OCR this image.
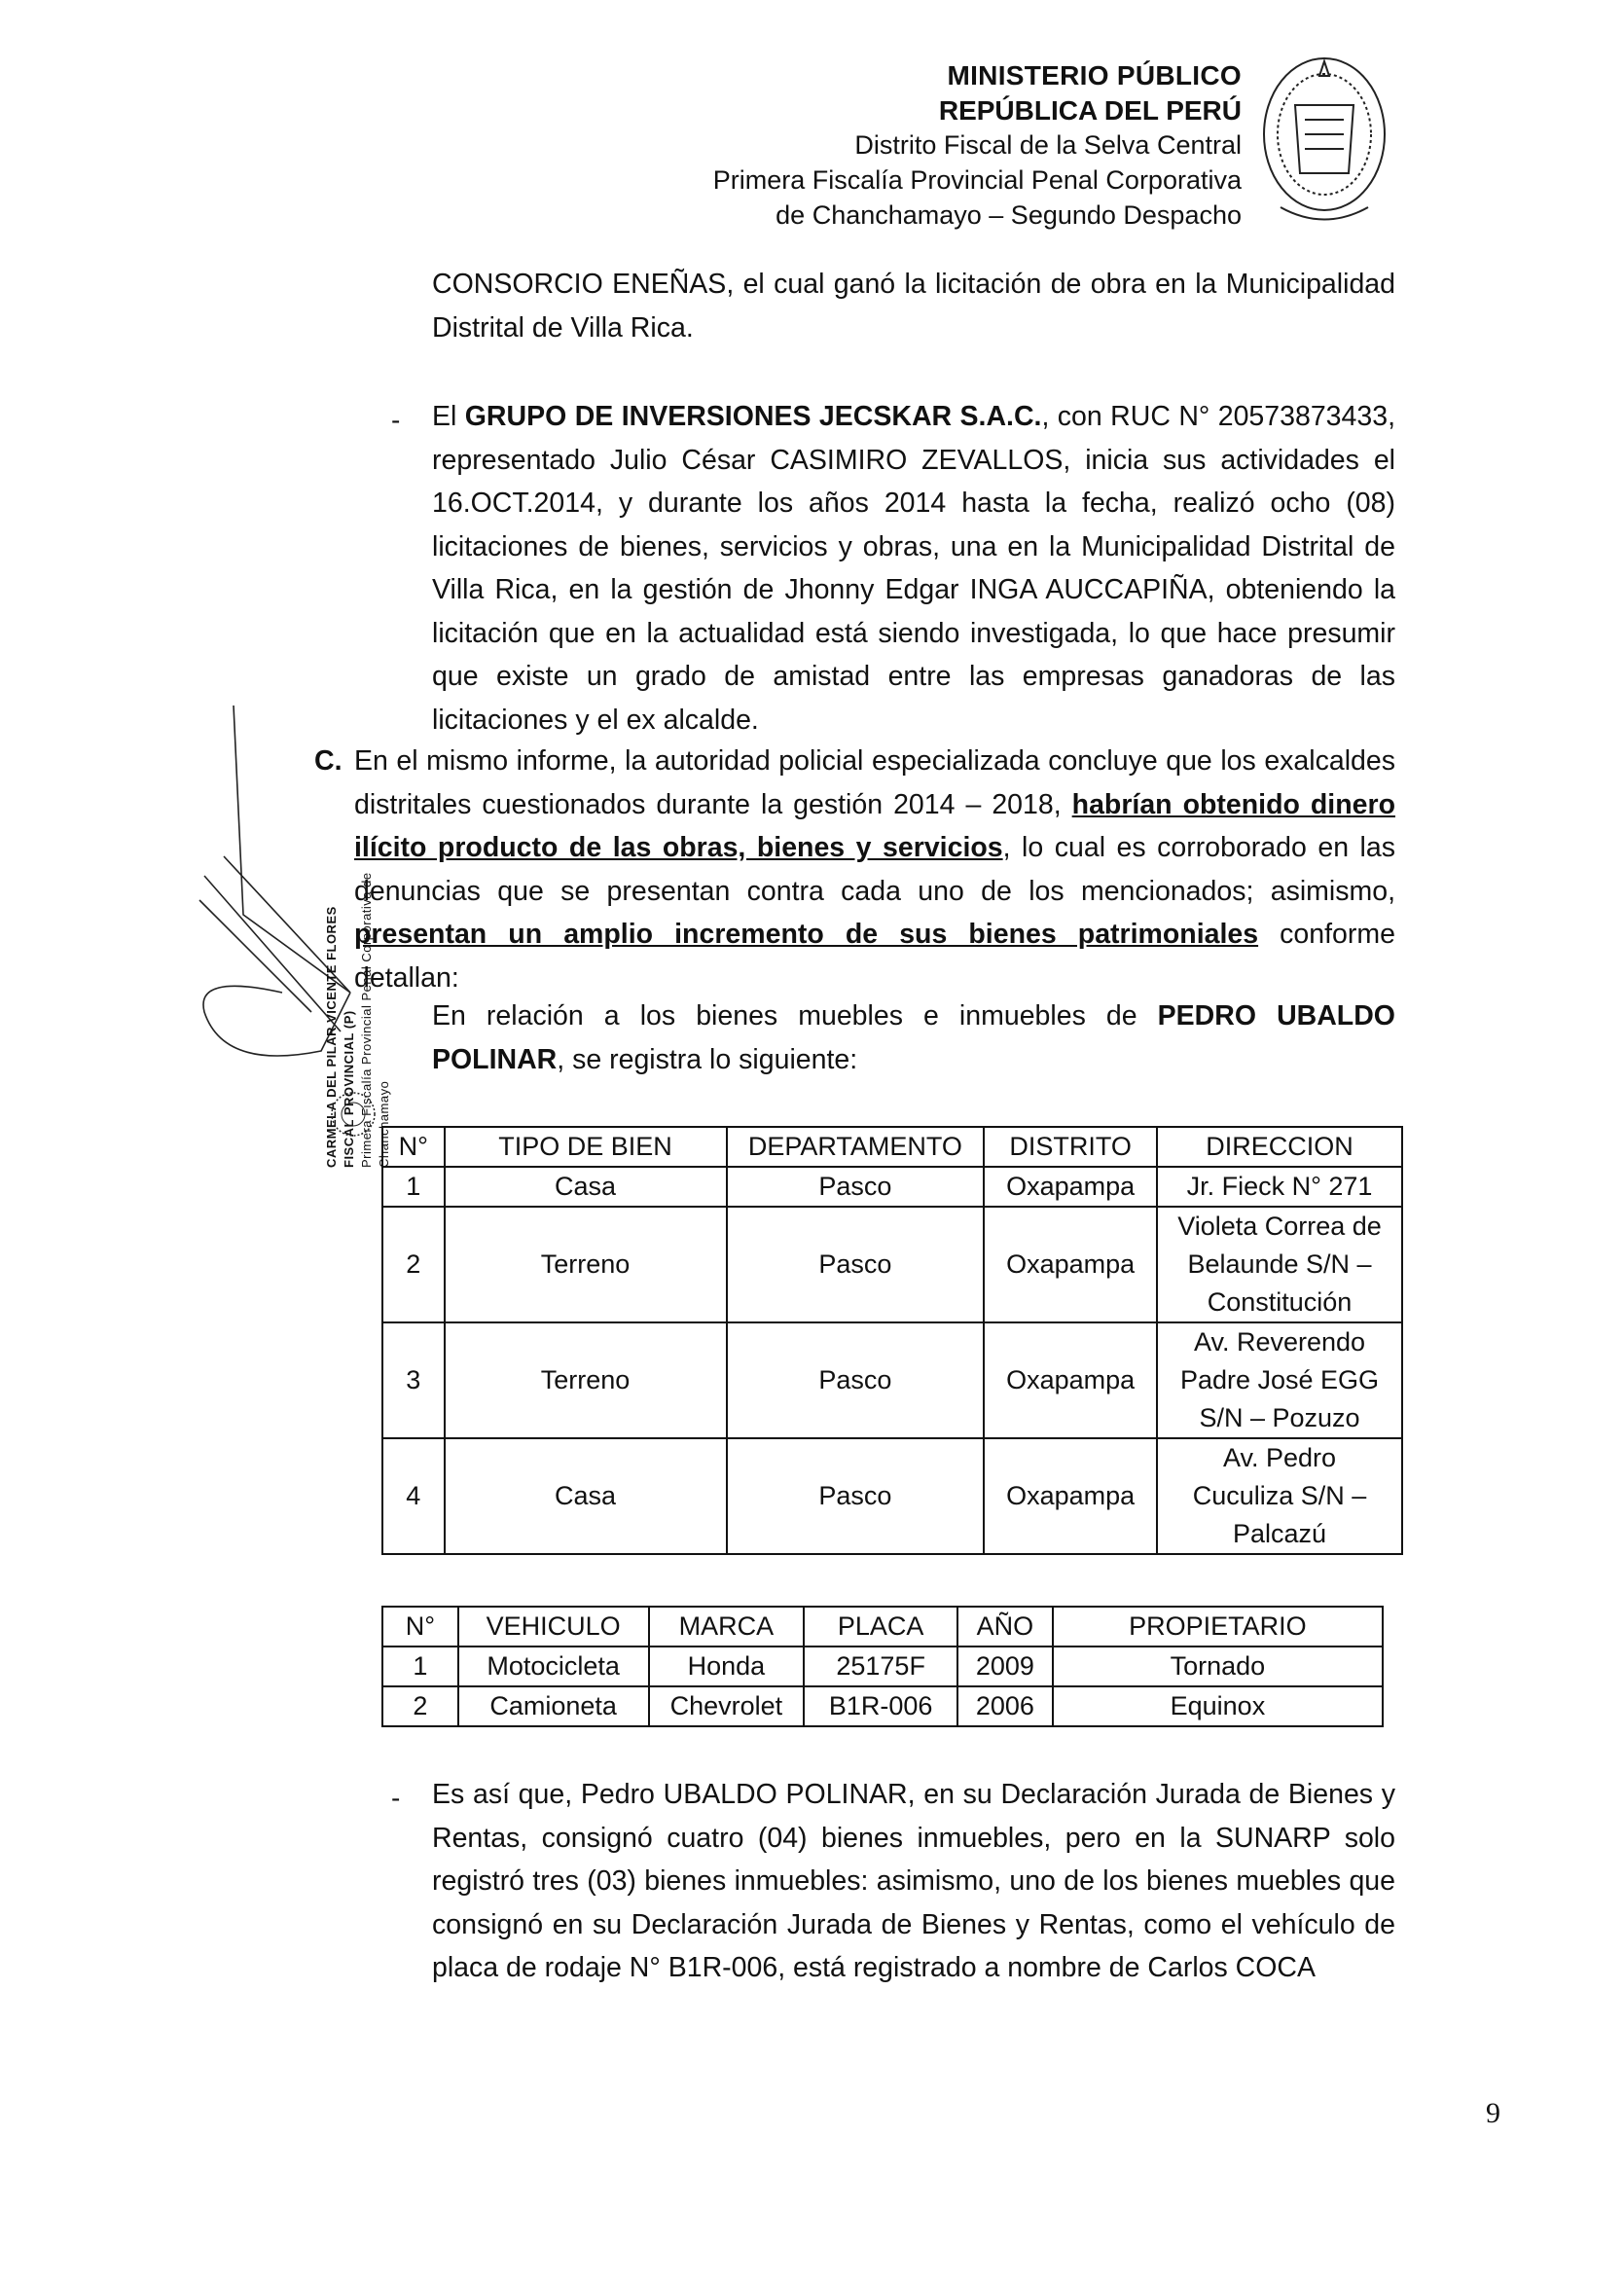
MINISTERIO PÚBLICO
REPÚBLICA DEL PERÚ
Distrito Fiscal de la Selva Central
Primera Fiscalía Provincial Penal Corporativa
de Chanchamayo – Segundo Despacho
CONSORCIO ENEÑAS, el cual ganó la licitación de obra en la Municipalidad Distrital de Villa Rica.
- El GRUPO DE INVERSIONES JECSKAR S.A.C., con RUC N° 20573873433, representado Julio César CASIMIRO ZEVALLOS, inicia sus actividades el 16.OCT.2014, y durante los años 2014 hasta la fecha, realizó ocho (08) licitaciones de bienes, servicios y obras, una en la Municipalidad Distrital de Villa Rica, en la gestión de Jhonny Edgar INGA AUCCAPIÑA, obteniendo la licitación que en la actualidad está siendo investigada, lo que hace presumir que existe un grado de amistad entre las empresas ganadoras de las licitaciones y el ex alcalde.
C. En el mismo informe, la autoridad policial especializada concluye que los exalcaldes distritales cuestionados durante la gestión 2014 – 2018, habrían obtenido dinero ilícito producto de las obras, bienes y servicios, lo cual es corroborado en las denuncias que se presentan contra cada uno de los mencionados; asimismo, presentan un amplio incremento de sus bienes patrimoniales conforme detallan:
En relación a los bienes muebles e inmuebles de PEDRO UBALDO POLINAR, se registra lo siguiente:
N°	TIPO DE BIEN	DEPARTAMENTO	DISTRITO	DIRECCION
1	Casa	Pasco	Oxapampa	Jr. Fieck N° 271

2	Terreno	Pasco	Oxapampa	Violeta Correa de
Belaunde S/N –
Constitución

3	Terreno	Pasco	Oxapampa	Av. Reverendo
Padre José EGG
S/N – Pozuzo

4	Casa	Pasco	Oxapampa	Av. Pedro
Cuculiza S/N –
Palcazú
N°	VEHICULO	MARCA	PLACA	AÑO	PROPIETARIO
1	Motocicleta	Honda	25175F	2009	Tornado
2	Camioneta	Chevrolet	B1R-006	2006	Equinox
- Es así que, Pedro UBALDO POLINAR, en su Declaración Jurada de Bienes y Rentas, consignó cuatro (04) bienes inmuebles, pero en la SUNARP solo registró tres (03) bienes inmuebles: asimismo, uno de los bienes muebles que consignó en su Declaración Jurada de Bienes y Rentas, como el vehículo de placa de rodaje N° B1R-006, está registrado a nombre de Carlos COCA
CARMELA DEL PILAR VICENTE FLORES FISCAL PROVINCIAL (P) Primera Fiscalía Provincial Penal Corporativa de Chanchamayo
9
